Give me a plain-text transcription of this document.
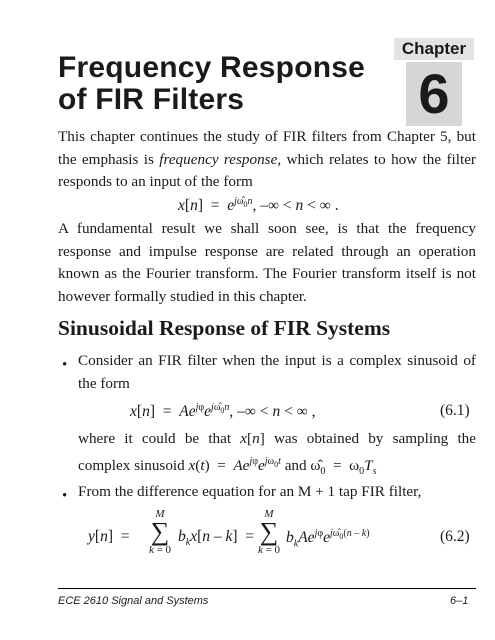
Frequency Response
of FIR Filters
Chapter
6

This chapter continues the study of FIR filters from Chapter 5, but the emphasis is frequency response, which relates to how the filter responds to an input of the form

$x[n] = e^{j\omegâ_0n}$, –∞ < n < ∞ .

A fundamental result we shall soon see, is that the frequency response and impulse response are related through an operation known as the Fourier transform. The Fourier transform itself is not however formally studied in this chapter.

Sinusoidal Response of FIR Systems
• Consider an FIR filter when the input is a complex sinusoid of the form

$x[n] = Ae^{j\varphi}e^{j\omegâ_0n}$, –∞ < n < ∞ ,	(6.1)

where it could be that x[n] was obtained by sampling the complex sinusoid $x(t) = Ae^{j\varphi}e^{j\omega_0t}$ and $\omegâ_0 = \omega_0T_s$

• From the difference equation for an M + 1 tap FIR filter,

y[n]  =
M
∑
k = 0
$b_kx[n - k]$  =
M
∑
k = 0
$b_kAe^{j\varphi}e^{j\omegâ_0(n - k)}$	(6.2)
ECE 2610 Signal and Systems	6–1
